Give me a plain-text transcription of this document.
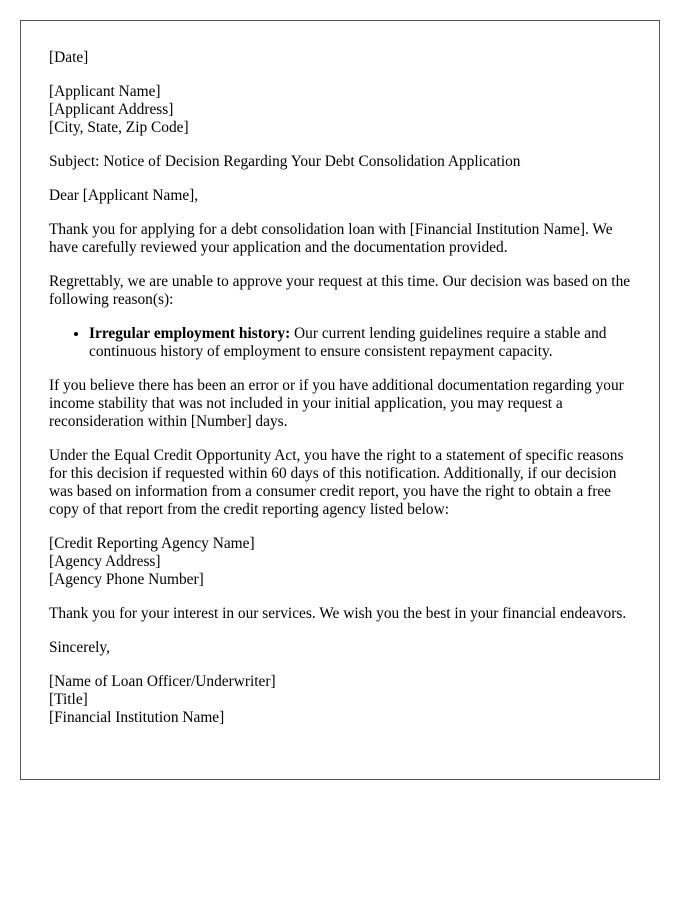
[Date]

[Applicant Name]
[Applicant Address]
[City, State, Zip Code]

Subject: Notice of Decision Regarding Your Debt Consolidation Application

Dear [Applicant Name],

Thank you for applying for a debt consolidation loan with [Financial Institution Name]. We have carefully reviewed your application and the documentation provided.

Regrettably, we are unable to approve your request at this time. Our decision was based on the following reason(s):

• Irregular employment history: Our current lending guidelines require a stable and continuous history of employment to ensure consistent repayment capacity.

If you believe there has been an error or if you have additional documentation regarding your income stability that was not included in your initial application, you may request a reconsideration within [Number] days.

Under the Equal Credit Opportunity Act, you have the right to a statement of specific reasons for this decision if requested within 60 days of this notification. Additionally, if our decision was based on information from a consumer credit report, you have the right to obtain a free copy of that report from the credit reporting agency listed below:

[Credit Reporting Agency Name]
[Agency Address]
[Agency Phone Number]

Thank you for your interest in our services. We wish you the best in your financial endeavors.

Sincerely,

[Name of Loan Officer/Underwriter]
[Title]
[Financial Institution Name]
